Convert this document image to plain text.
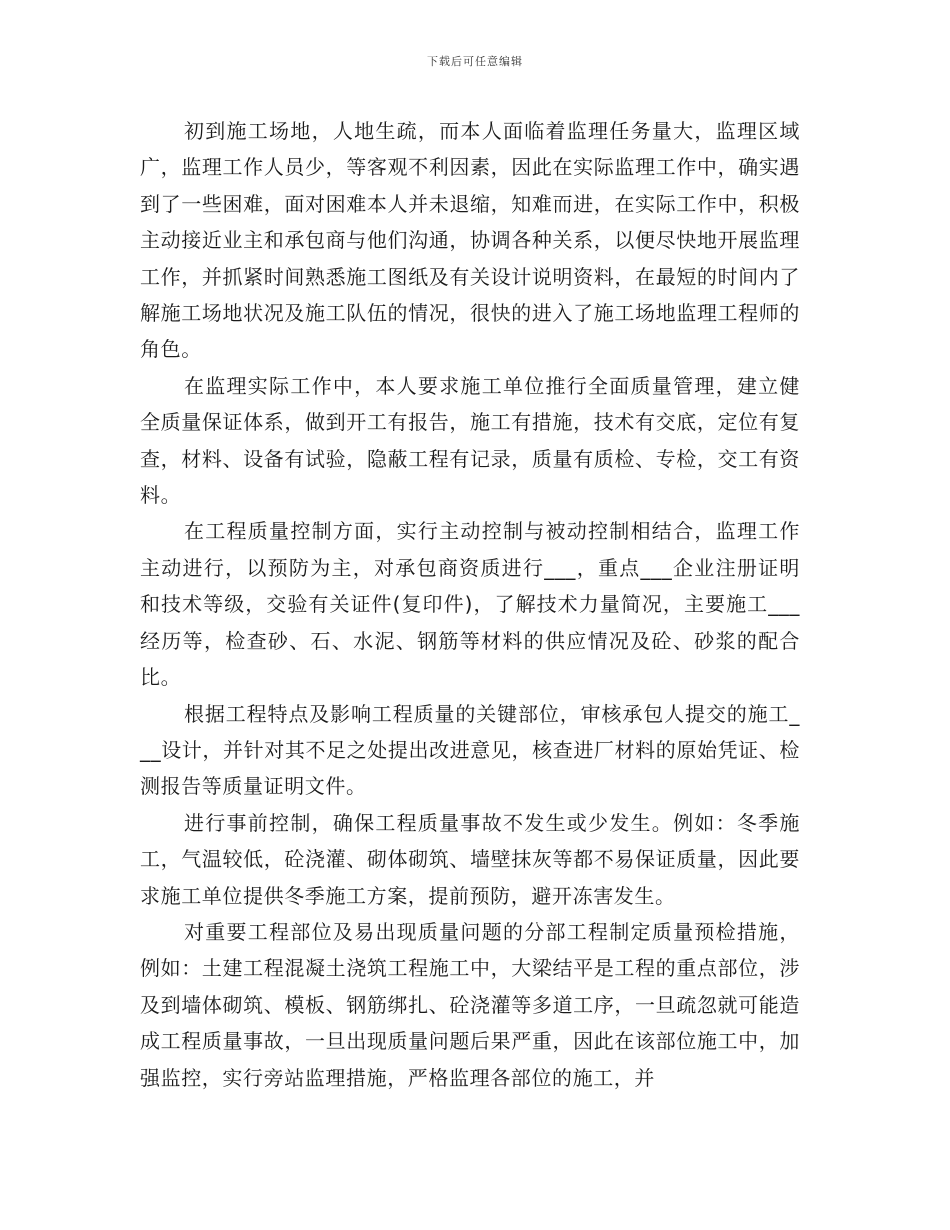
下载后可任意编辑

初到施工场地，人地生疏，而本人面临着监理任务量大，监理区域广，监理工作人员少，等客观不利因素，因此在实际监理工作中，确实遇到了一些困难，面对困难本人并未退缩，知难而进，在实际工作中，积极主动接近业主和承包商与他们沟通，协调各种关系，以便尽快地开展监理工作，并抓紧时间熟悉施工图纸及有关设计说明资料，在最短的时间内了解施工场地状况及施工队伍的情况，很快的进入了施工场地监理工程师的角色。

在监理实际工作中，本人要求施工单位推行全面质量管理，建立健全质量保证体系，做到开工有报告，施工有措施，技术有交底，定位有复查，材料、设备有试验，隐蔽工程有记录，质量有质检、专检，交工有资料。

在工程质量控制方面，实行主动控制与被动控制相结合，监理工作主动进行，以预防为主，对承包商资质进行___，重点___企业注册证明和技术等级，交验有关证件(复印件)，了解技术力量简况，主要施工___经历等，检查砂、石、水泥、钢筋等材料的供应情况及砼、砂浆的配合比。

根据工程特点及影响工程质量的关键部位，审核承包人提交的施工___设计，并针对其不足之处提出改进意见，核查进厂材料的原始凭证、检测报告等质量证明文件。

进行事前控制，确保工程质量事故不发生或少发生。例如：冬季施工，气温较低，砼浇灌、砌体砌筑、墙壁抹灰等都不易保证质量，因此要求施工单位提供冬季施工方案，提前预防，避开冻害发生。

对重要工程部位及易出现质量问题的分部工程制定质量预检措施，例如：土建工程混凝土浇筑工程施工中，大梁结平是工程的重点部位，涉及到墙体砌筑、模板、钢筋绑扎、砼浇灌等多道工序，一旦疏忽就可能造成工程质量事故，一旦出现质量问题后果严重，因此在该部位施工中，加强监控，实行旁站监理措施，严格监理各部位的施工，并
